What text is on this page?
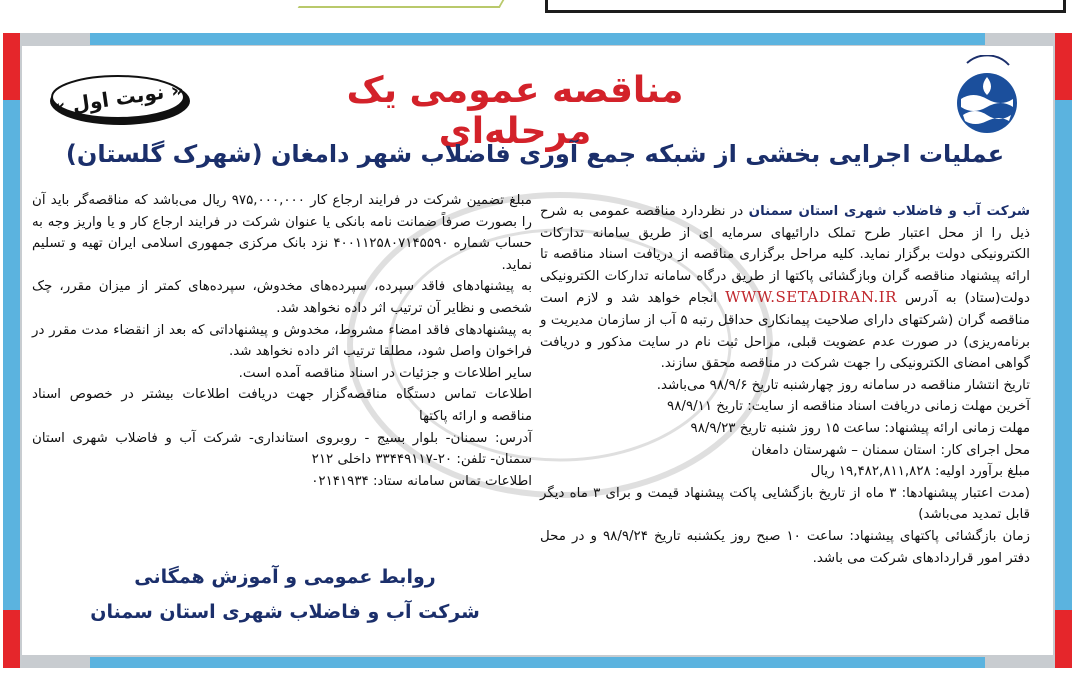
مناقصه عمومی یک مرحله‌ای
« نوبت اول »
عملیات اجرایی بخشی از شبکه جمع آوری فاضلاب شهر دامغان (شهرک گلستان)

شرکت آب و فاضلاب شهری استان سمنان در نظردارد مناقصه عمومی به شرح ذیل را از محل اعتبار طرح تملک دارائیهای سرمایه ای از طریق سامانه تدارکات الکترونیکی دولت برگزار نماید. کلیه مراحل برگزاری مناقصه از دریافت اسناد مناقصه تا ارائه پیشنهاد مناقصه گران وبازگشائی پاکتها از طریق درگاه سامانه تدارکات الکترونیکی دولت(ستاد) به آدرس WWW.SETADIRAN.IR انجام خواهد شد و لازم است مناقصه گران (شرکتهای دارای صلاحیت پیمانکاری حداقل رتبه ۵ آب از سازمان مدیریت و برنامه‌ریزی) در صورت عدم عضویت قبلی، مراحل ثبت نام در سایت مذکور و دریافت گواهی امضای الکترونیکی را جهت شرکت در مناقصه محقق سازند.

تاریخ انتشار مناقصه در سامانه روز چهارشنبه تاریخ ۹۸/۹/۶ می‌باشد.

آخرین مهلت زمانی دریافت اسناد مناقصه از سایت: تاریخ ۹۸/۹/۱۱

مهلت زمانی ارائه پیشنهاد: ساعت ۱۵ روز شنبه تاریخ ۹۸/۹/۲۳

محل اجرای کار: استان سمنان – شهرستان دامغان

مبلغ برآورد اولیه: ۱۹,۴۸۲,۸۱۱,۸۲۸ ریال

(مدت اعتبار پیشنهادها: ۳ ماه از تاریخ بازگشایی پاکت پیشنهاد قیمت و برای ۳ ماه دیگر قابل تمدید می‌باشد)

زمان بازگشائی پاکتهای پیشنهاد: ساعت ۱۰ صبح روز یکشنبه تاریخ ۹۸/۹/۲۴ و در محل دفتر امور قراردادهای شرکت می باشد.

مبلغ تضمین شرکت در فرایند ارجاع کار ۹۷۵,۰۰۰,۰۰۰ ریال می‌باشد که مناقصه‌گر باید آن را بصورت صرفاً ضمانت نامه بانکی یا عنوان شرکت در فرایند ارجاع کار و یا واریز وجه به حساب شماره ۴۰۰۱۱۲۵۸۰۷۱۴۵۵۹۰ نزد بانک مرکزی جمهوری اسلامی ایران تهیه و تسلیم نماید.

به پیشنهادهای فاقد سپرده، سپرده‌های مخدوش، سپرده‌های کمتر از میزان مقرر، چک شخصی و نظایر آن ترتیب اثر داده نخواهد شد.

به پیشنهادهای فاقد امضاء مشروط، مخدوش و پیشنهاداتی که بعد از انقضاء مدت مقرر در فراخوان واصل شود، مطلقا ترتیب اثر داده نخواهد شد.

سایر اطلاعات و جزئیات در اسناد مناقصه آمده است.

اطلاعات تماس دستگاه مناقصه‌گزار جهت دریافت اطلاعات بیشتر در خصوص اسناد مناقصه و ارائه پاکتها

آدرس: سمنان- بلوار بسیج - روبروی استانداری- شرکت آب و فاضلاب شهری استان سمنان- تلفن: ۲۰-۳۳۴۴۹۱۱۷ داخلی ۲۱۲

اطلاعات تماس سامانه ستاد: ۰۲۱۴۱۹۳۴

روابط عمومی و آموزش همگانی
شرکت آب و فاضلاب شهری استان سمنان
